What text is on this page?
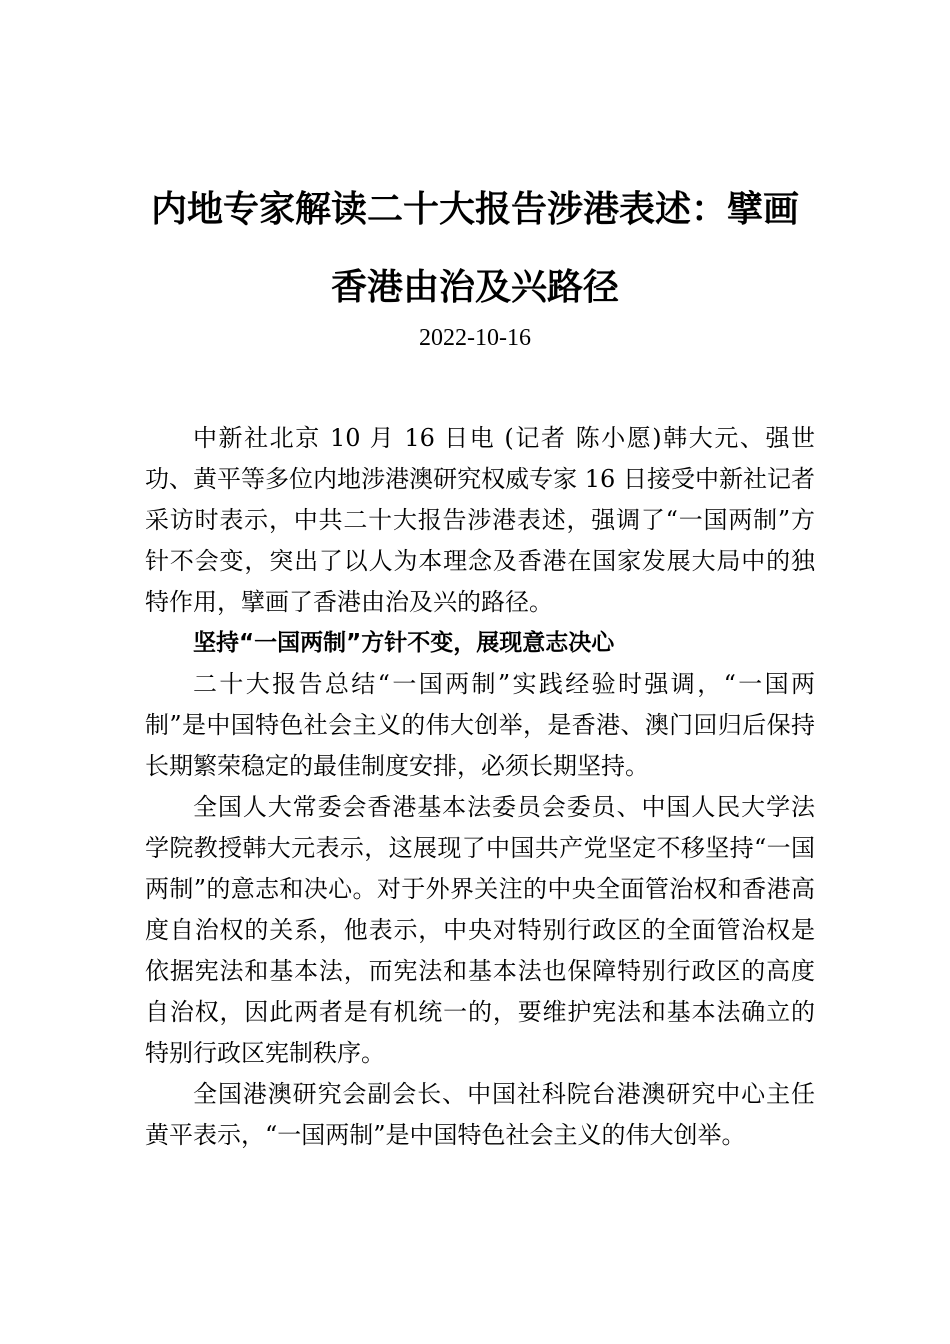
内地专家解读二十大报告涉港表述：擘画
香港由治及兴路径
2022-10-16

中新社北京 10 月 16 日电 (记者 陈小愿)韩大元、强世功、黄平等多位内地涉港澳研究权威专家 16 日接受中新社记者采访时表示，中共二十大报告涉港表述，强调了“一国两制”方针不会变，突出了以人为本理念及香港在国家发展大局中的独特作用，擘画了香港由治及兴的路径。

坚持“一国两制”方针不变，展现意志决心

二十大报告总结“一国两制”实践经验时强调，“一国两制”是中国特色社会主义的伟大创举，是香港、澳门回归后保持长期繁荣稳定的最佳制度安排，必须长期坚持。

全国人大常委会香港基本法委员会委员、中国人民大学法学院教授韩大元表示，这展现了中国共产党坚定不移坚持“一国两制”的意志和决心。对于外界关注的中央全面管治权和香港高度自治权的关系，他表示，中央对特别行政区的全面管治权是依据宪法和基本法，而宪法和基本法也保障特别行政区的高度自治权，因此两者是有机统一的，要维护宪法和基本法确立的特别行政区宪制秩序。

全国港澳研究会副会长、中国社科院台港澳研究中心主任黄平表示，“一国两制”是中国特色社会主义的伟大创举。
